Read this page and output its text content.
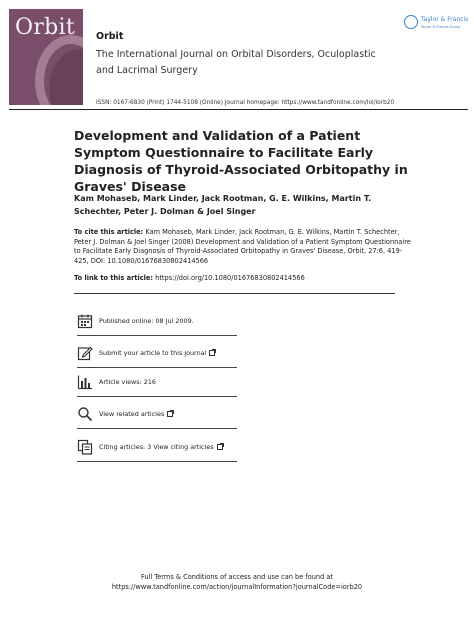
Orbit Orbit
The International Journal on Orbital Disorders, Oculoplastic and Lacrimal Surgery
Taylor & Francis
Taylor & Francis Group
ISSN: 0167-6830 (Print) 1744-5108 (Online) Journal homepage: https://www.tandfonline.com/loi/iorb20
Development and Validation of a Patient Symptom Questionnaire to Facilitate Early Diagnosis of Thyroid-Associated Orbitopathy in Graves' Disease
Kam Mohaseb, Mark Linder, Jack Rootman, G. E. Wilkins, Martin T. Schechter, Peter J. Dolman & Joel Singer
To cite this article: Kam Mohaseb, Mark Linder, Jack Rootman, G. E. Wilkins, Martin T. Schechter, Peter J. Dolman & Joel Singer (2008) Development and Validation of a Patient Symptom Questionnaire to Facilitate Early Diagnosis of Thyroid-Associated Orbitopathy in Graves' Disease, Orbit, 27:6, 419-425, DOI: 10.1080/01676830802414566
To link to this article: https://doi.org/10.1080/01676830802414566
Published online: 08 Jul 2009.
Submit your article to this journal
Article views: 216
View related articles
Citing articles: 3 View citing articles
Full Terms & Conditions of access and use can be found at
https://www.tandfonline.com/action/journalInformation?journalCode=iorb20
